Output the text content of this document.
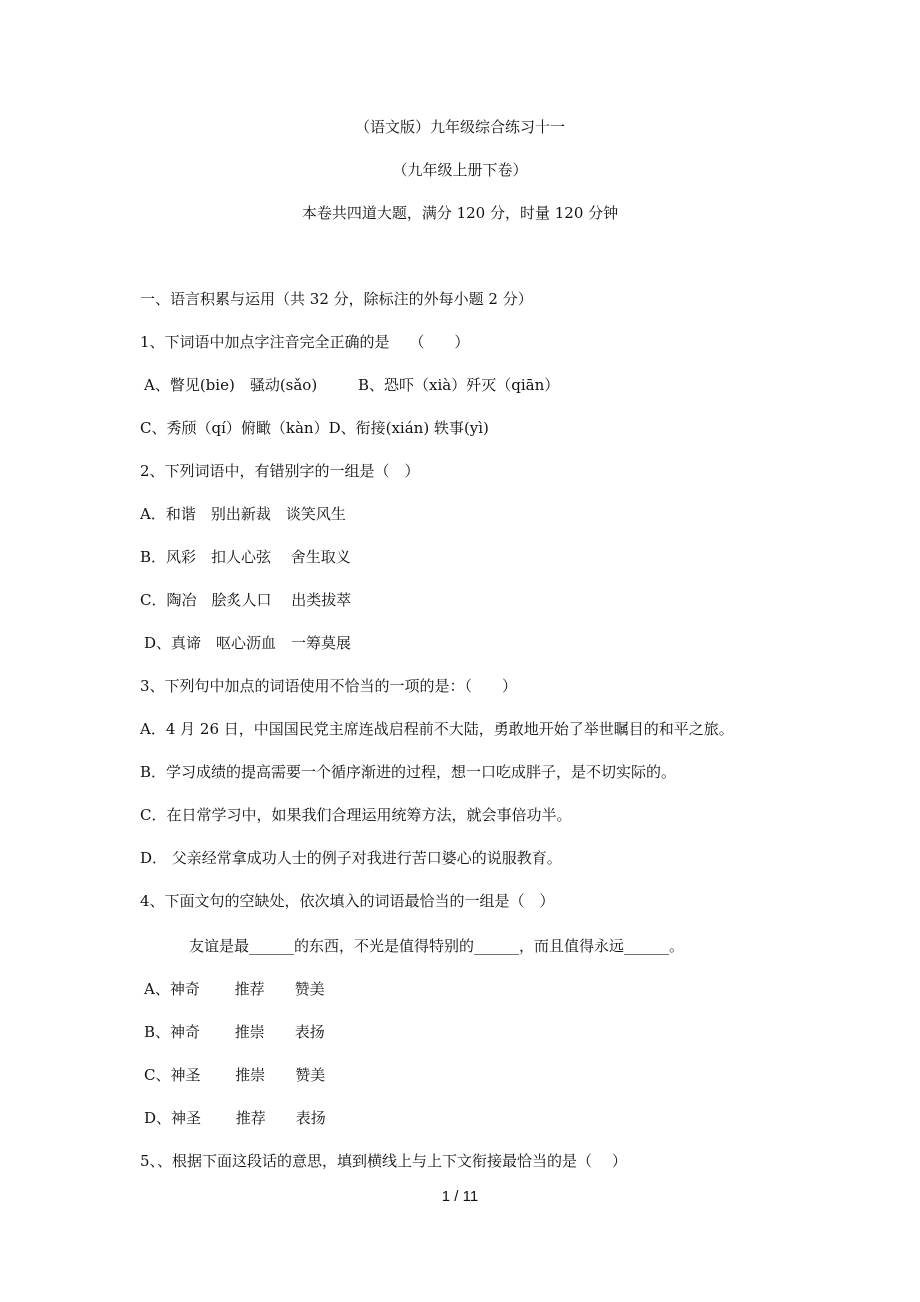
（语文版）九年级综合练习十一
（九年级上册下卷）
本卷共四道大题，满分 120 分，时量 120 分钟
一、语言积累与运用（共 32 分，除标注的外每小题 2 分）
1、下词语中加点字注音完全正确的是　 （　　）
A、瞥见(bie)　骚动(sǎo)	B、恐吓（xià）歼灭（qiān）
C、秀颀（qí）俯瞰（kàn）D、衔接(xián) 轶事(yì)
2、下列词语中，有错别字的一组是（　）
A．和谐　别出新裁　谈笑风生
B．风彩　扣人心弦　 舍生取义
C．陶冶　脍炙人口　 出类拔萃
D、真谛　呕心沥血　一筹莫展
3、下列句中加点的词语使用不恰当的一项的是：（　　）
A．4 月 26 日，中国国民党主席连战启程前不大陆，勇敢地开始了举世瞩目的和平之旅。
B．学习成绩的提高需要一个循序渐进的过程，想一口吃成胖子，是不切实际的。
C．在日常学习中，如果我们合理运用统筹方法，就会事倍功半。
D． 父亲经常拿成功人士的例子对我进行苦口婆心的说服教育。
4、下面文句的空缺处，依次填入的词语最恰当的一组是（　）
友谊是最______的东西，不光是值得特别的______，而且值得永远______。
A、神奇　　 推荐　　赞美
B、神奇　　 推崇　　表扬
C、神圣　　 推崇　　赞美
D、神圣　　 推荐　　表扬
5、、根据下面这段话的意思，填到横线上与上下文衔接最恰当的是（　 ）
1 / 11
